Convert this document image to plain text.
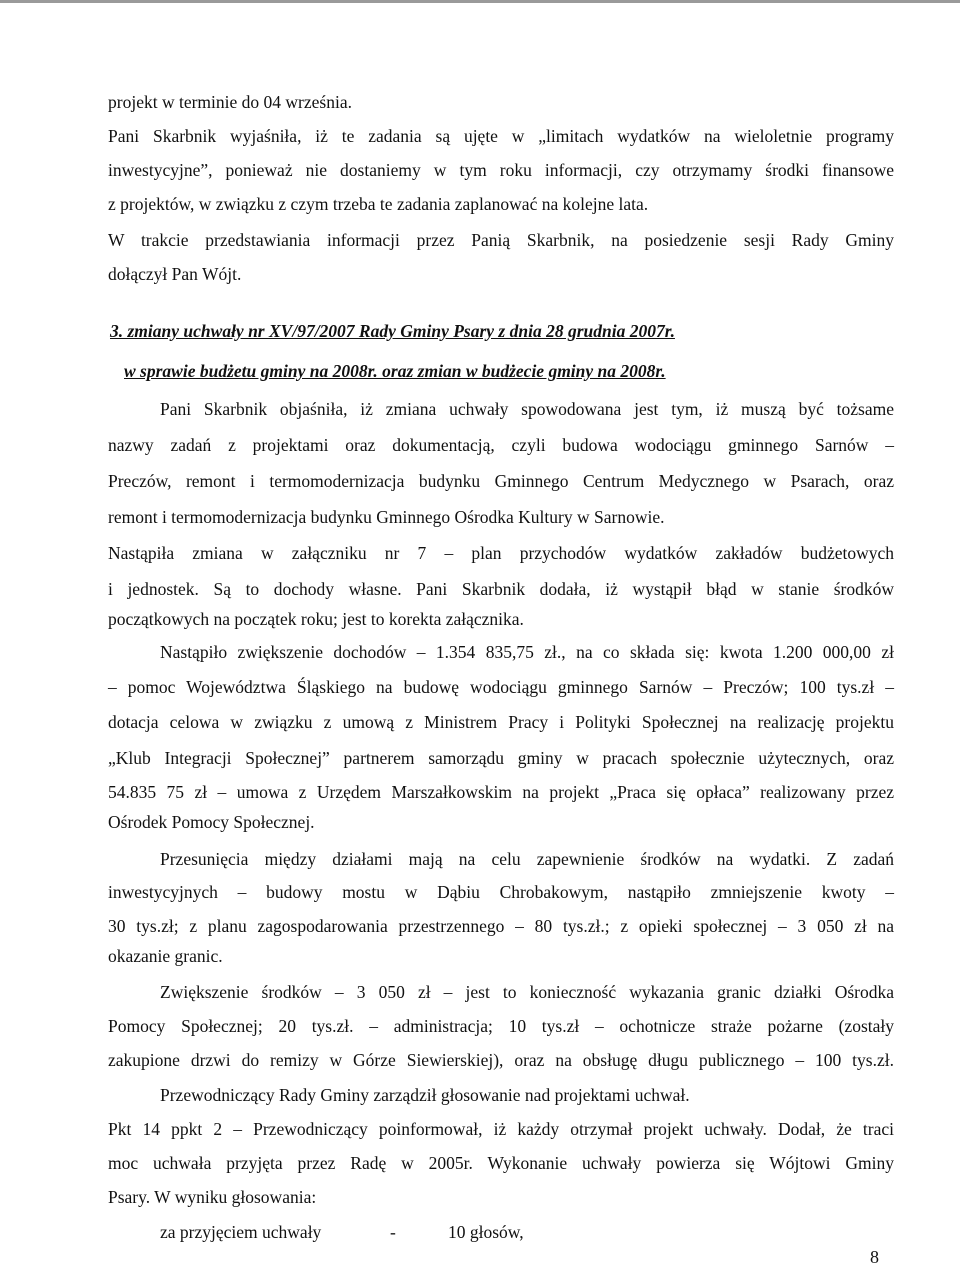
projekt w terminie do 04 września.
Pani Skarbnik wyjaśniła, iż te zadania są ujęte w „limitach wydatków na wieloletnie programy
inwestycyjne”, ponieważ nie dostaniemy w tym roku informacji, czy otrzymamy środki finansowe
z projektów, w związku z czym trzeba te zadania zaplanować na kolejne lata.
W trakcie przedstawiania informacji przez Panią Skarbnik, na posiedzenie sesji Rady Gminy
dołączył Pan Wójt.
3. zmiany uchwały nr XV/97/2007 Rady Gminy Psary z dnia 28 grudnia 2007r.
w sprawie budżetu gminy na 2008r. oraz zmian w budżecie gminy na 2008r.
Pani Skarbnik objaśniła, iż zmiana uchwały spowodowana jest tym, iż muszą być tożsame
nazwy zadań z projektami oraz dokumentacją, czyli budowa wodociągu gminnego Sarnów –
Preczów, remont i termomodernizacja budynku Gminnego Centrum Medycznego w Psarach, oraz
remont i termomodernizacja budynku Gminnego Ośrodka Kultury w Sarnowie.
Nastąpiła zmiana w załączniku nr 7 – plan przychodów wydatków zakładów budżetowych
i jednostek. Są to dochody własne. Pani Skarbnik dodała, iż wystąpił błąd w stanie środków
początkowych na początek roku; jest to korekta załącznika.
Nastąpiło zwiększenie dochodów – 1.354 835,75 zł., na co składa się: kwota 1.200 000,00 zł
– pomoc Województwa Śląskiego na budowę wodociągu gminnego Sarnów – Preczów; 100 tys.zł –
dotacja celowa w związku z umową z Ministrem Pracy i Polityki Społecznej na realizację projektu
„Klub Integracji Społecznej” partnerem samorządu gminy w pracach społecznie użytecznych, oraz
54.835 75 zł – umowa z Urzędem Marszałkowskim na projekt „Praca się opłaca” realizowany przez
Ośrodek Pomocy Społecznej.
Przesunięcia między działami mają na celu zapewnienie środków na wydatki. Z zadań
inwestycyjnych – budowy mostu w Dąbiu Chrobakowym, nastąpiło zmniejszenie kwoty –
30 tys.zł; z planu zagospodarowania przestrzennego – 80 tys.zł.; z opieki społecznej – 3 050 zł na
okazanie granic.
Zwiększenie środków – 3 050 zł – jest to konieczność wykazania granic działki Ośrodka
Pomocy Społecznej; 20 tys.zł. – administracja; 10 tys.zł – ochotnicze straże pożarne (zostały
zakupione drzwi do remizy w Górze Siewierskiej), oraz na obsługę długu publicznego – 100 tys.zł.
Przewodniczący Rady Gminy zarządził głosowanie nad projektami uchwał.
Pkt 14 ppkt 2 – Przewodniczący poinformował, iż każdy otrzymał projekt uchwały. Dodał, że traci
moc uchwała przyjęta przez Radę w 2005r. Wykonanie uchwały powierza się Wójtowi Gminy
Psary. W wyniku głosowania:
za przyjęciem uchwały	-	10 głosów,
8
